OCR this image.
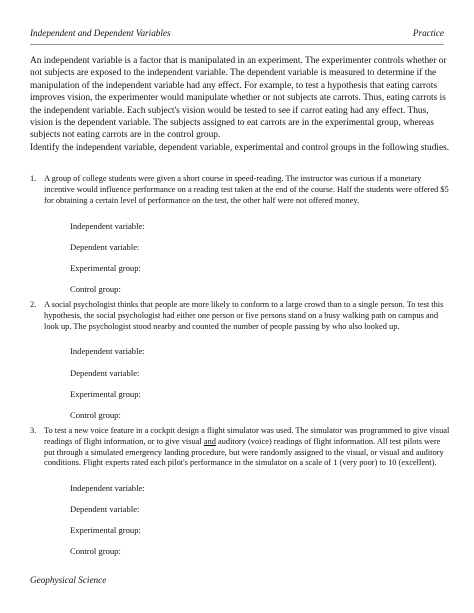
Independent and Dependent Variables	Practice

An independent variable is a factor that is manipulated in an experiment. The experimenter controls whether or not subjects are exposed to the independent variable. The dependent variable is measured to determine if the manipulation of the independent variable had any effect. For example, to test a hypothesis that eating carrots improves vision, the experimenter would manipulate whether or not subjects ate carrots. Thus, eating carrots is the independent variable. Each subject's vision would be tested to see if carrot eating had any effect. Thus, vision is the dependent variable. The subjects assigned to eat carrots are in the experimental group, whereas subjects not eating carrots are in the control group.

Identify the independent variable, dependent variable, experimental and control groups in the following studies.

1. A group of college students were given a short course in speed-reading. The instructor was curious if a monetary incentive would influence performance on a reading test taken at the end of the course. Half the students were offered $5 for obtaining a certain level of performance on the test, the other half were not offered money.
Independent variable:
Dependent variable:
Experimental group:
Control group:
2. A social psychologist thinks that people are more likely to conform to a large crowd than to a single person. To test this hypothesis, the social psychologist had either one person or five persons stand on a busy walking path on campus and look up. The psychologist stood nearby and counted the number of people passing by who also looked up.
Independent variable:
Dependent variable:
Experimental group:
Control group:
3. To test a new voice feature in a cockpit design a flight simulator was used. The simulator was programmed to give visual readings of flight information, or to give visual and auditory (voice) readings of flight information. All test pilots were put through a simulated emergency landing procedure, but were randomly assigned to the visual, or visual and auditory conditions. Flight experts rated each pilot's performance in the simulator on a scale of 1 (very poor) to 10 (excellent).
Independent variable:
Dependent variable:
Experimental group:
Control group:
Geophysical Science
